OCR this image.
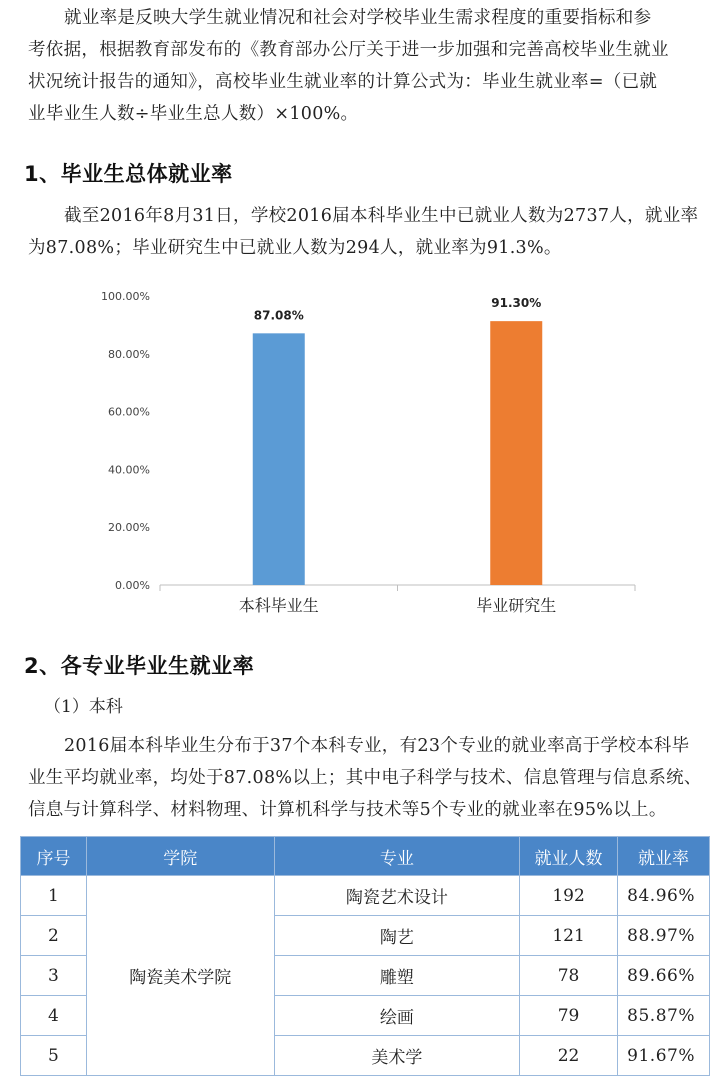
就业率是反映大学生就业情况和社会对学校毕业生需求程度的重要指标和参
考依据，根据教育部发布的《教育部办公厅关于进一步加强和完善高校毕业生就业
状况统计报告的通知》，高校毕业生就业率的计算公式为：毕业生就业率=（已就
业毕业生人数÷毕业生总人数）×100%。
1、毕业生总体就业率
截至2016年8月31日，学校2016届本科毕业生中已就业人数为2737人，就业率
为87.08%；毕业研究生中已就业人数为294人，就业率为91.3%。
0.00%
20.00%
40.00%
60.00%
80.00%
100.00%
87.08%
本科毕业生
91.30%
毕业研究生
2、各专业毕业生就业率
（1）本科
2016届本科毕业生分布于37个本科专业，有23个专业的就业率高于学校本科毕
业生平均就业率，均处于87.08%以上；其中电子科学与技术、信息管理与信息系统、
信息与计算科学、材料物理、计算机科学与技术等5个专业的就业率在95%以上。
序号	学院	专业	就业人数	就业率
1	陶瓷美术学院	陶瓷艺术设计	192	84.96%
2		陶艺	121	88.97%
3		雕塑	78	89.66%
4		绘画	79	85.87%
5		美术学	22	91.67%
